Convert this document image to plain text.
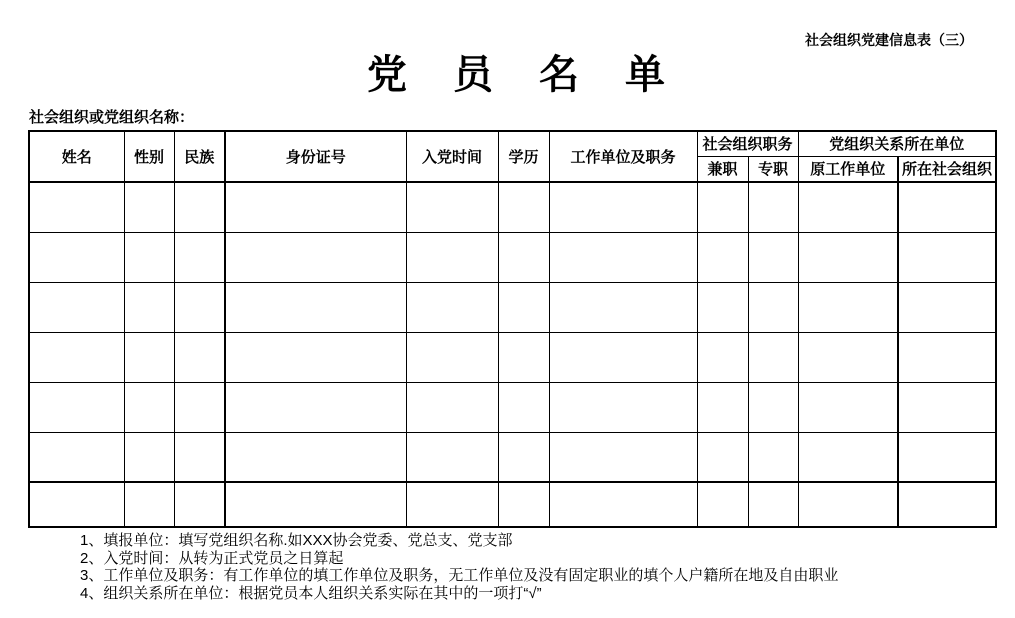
社会组织党建信息表（三）
党员名单
社会组织或党组织名称：
姓名	性别	民族	身份证号	入党时间	学历	工作单位及职务	社会组织职务		党组织关系所在单位	
							兼职	专职	原工作单位	所在社会组织

1、填报单位：填写党组织名称.如XXX协会党委、党总支、党支部
2、入党时间：从转为正式党员之日算起
3、工作单位及职务：有工作单位的填工作单位及职务，无工作单位及没有固定职业的填个人户籍所在地及自由职业
4、组织关系所在单位：根据党员本人组织关系实际在其中的一项打“√”
